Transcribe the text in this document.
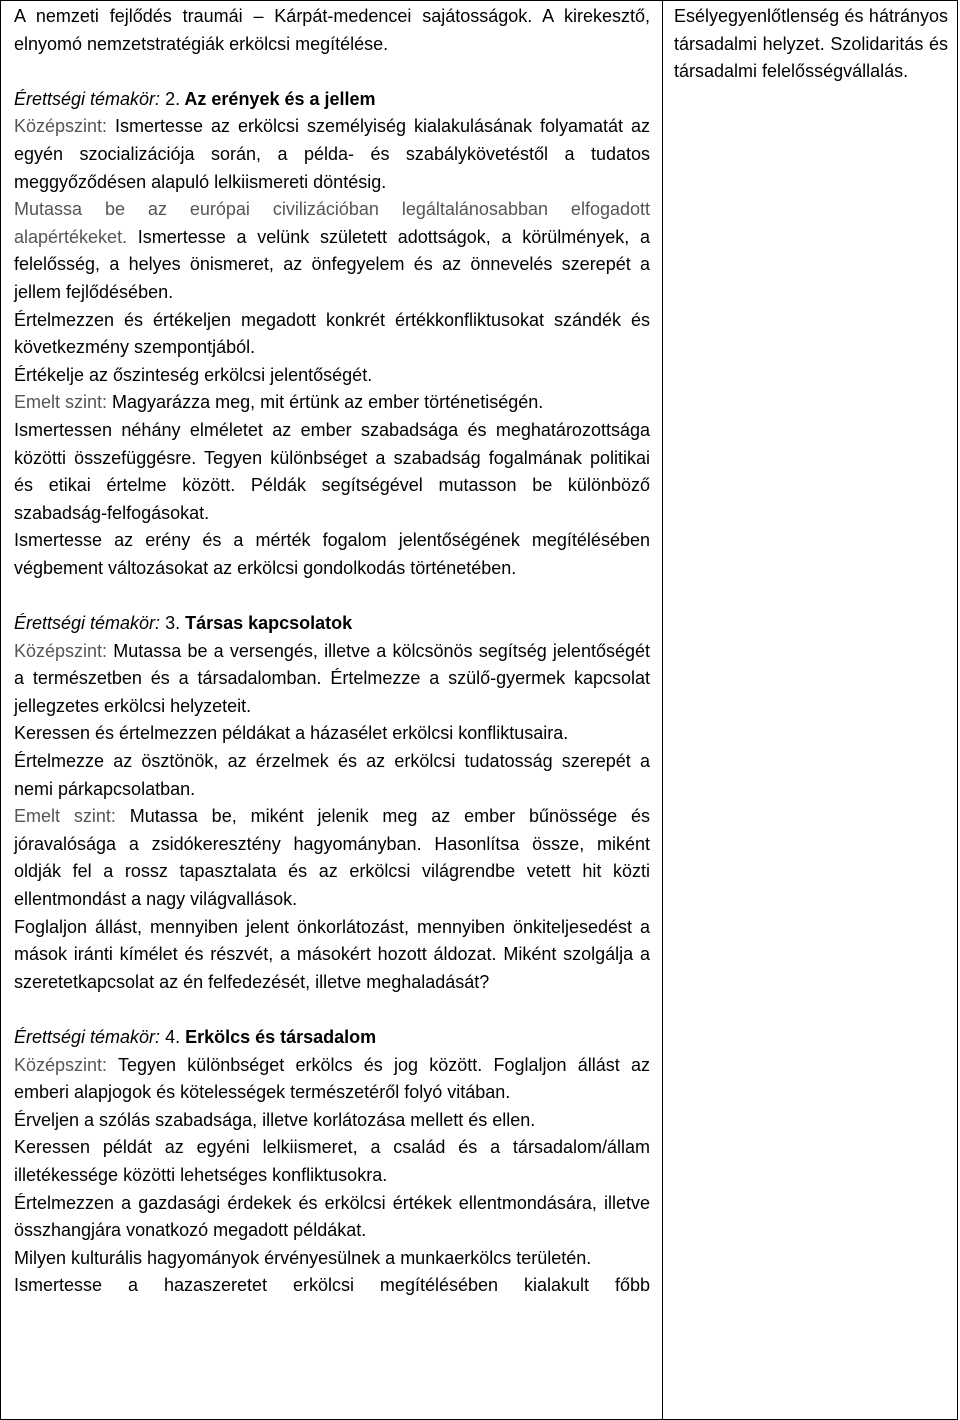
A nemzeti fejlődés traumái – Kárpát-medencei sajátosságok. A kirekesztő, elnyomó nemzetstratégiák erkölcsi megítélése.

Érettségi témakör: 2. Az erények és a jellem

Középszint: Ismertesse az erkölcsi személyiség kialakulásának folyamatát az egyén szocializációja során, a példa- és szabálykövetéstől a tudatos meggyőződésen alapuló lelkiismereti döntésig.

Mutassa be az európai civilizációban legáltalánosabban elfogadott alapértékeket. Ismertesse a velünk született adottságok, a körülmények, a felelősség, a helyes önismeret, az önfegyelem és az önnevelés szerepét a jellem fejlődésében.

Értelmezzen és értékeljen megadott konkrét értékkonfliktusokat szándék és következmény szempontjából.

Értékelje az őszinteség erkölcsi jelentőségét.

Emelt szint: Magyarázza meg, mit értünk az ember történetiségén.

Ismertessen néhány elméletet az ember szabadsága és meghatározottsága közötti összefüggésre. Tegyen különbséget a szabadság fogalmának politikai és etikai értelme között. Példák segítségével mutasson be különböző szabadság-felfogásokat.

Ismertesse az erény és a mérték fogalom jelentőségének megítélésében végbement változásokat az erkölcsi gondolkodás történetében.

Érettségi témakör: 3. Társas kapcsolatok

Középszint: Mutassa be a versengés, illetve a kölcsönös segítség jelentőségét a természetben és a társadalomban. Értelmezze a szülő-gyermek kapcsolat jellegzetes erkölcsi helyzeteit.

Keressen és értelmezzen példákat a házasélet erkölcsi konfliktusaira.

Értelmezze az ösztönök, az érzelmek és az erkölcsi tudatosság szerepét a nemi párkapcsolatban.

Emelt szint: Mutassa be, miként jelenik meg az ember bűnössége és jóravalósága a zsidókeresztény hagyományban. Hasonlítsa össze, miként oldják fel a rossz tapasztalata és az erkölcsi világrendbe vetett hit közti ellentmondást a nagy világvallások.

Foglaljon állást, mennyiben jelent önkorlátozást, mennyiben önkiteljesedést a mások iránti kímélet és részvét, a másokért hozott áldozat. Miként szolgálja a szeretetkapcsolat az én felfedezését, illetve meghaladását?

Érettségi témakör: 4. Erkölcs és társadalom

Középszint: Tegyen különbséget erkölcs és jog között. Foglaljon állást az emberi alapjogok és kötelességek természetéről folyó vitában.

Érveljen a szólás szabadsága, illetve korlátozása mellett és ellen.

Keressen példát az egyéni lelkiismeret, a család és a társadalom/állam illetékessége közötti lehetséges konfliktusokra.

Értelmezzen a gazdasági érdekek és erkölcsi értékek ellentmondására, illetve összhangjára vonatkozó megadott példákat.

Milyen kulturális hagyományok érvényesülnek a munkaerkölcs területén.

Ismertesse a hazaszeretet erkölcsi megítélésében kialakult főbb

Esélyegyenlőtlenség és hátrányos társadalmi helyzet. Szolidaritás és társadalmi felelősségvállalás.
